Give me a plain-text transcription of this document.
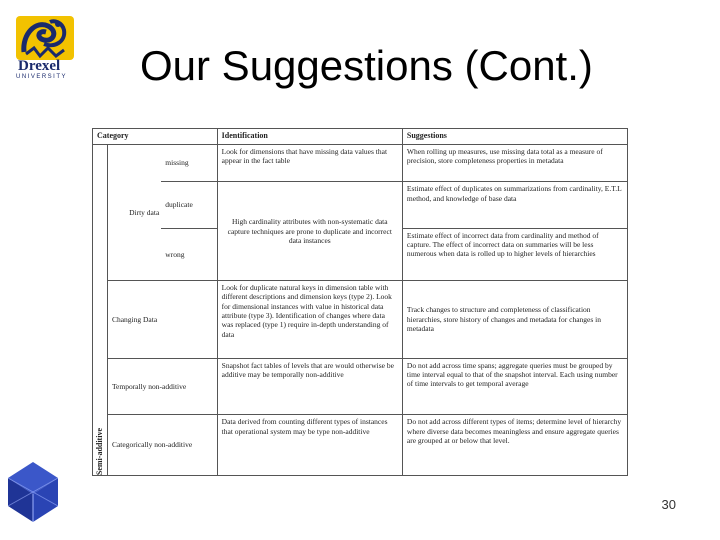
Drexel
UNIVERSITY Our Suggestions (Cont.)
Category			Identification	Suggestions

Semi-additive	Dirty data	missing	Look for dimensions that have missing data values that appear in the fact table	When rolling up measures, use missing data total as a measure of precision, store completeness properties in metadata
		duplicate	High cardinality attributes with non-systematic data capture techniques are prone to duplicate and incorrect data instances	Estimate effect of duplicates on summarizations from cardinality, E.T.L method, and knowledge of base data
		wrong		Estimate effect of incorrect data from cardinality and method of capture. The effect of incorrect data on summaries will be less numerous when data is rolled up to higher levels of hierarchies
	Changing Data		Look for duplicate natural keys in dimension table with different descriptions and dimension keys (type 2). Look for dimensional instances with value in historical data attribute (type 3). Identification of changes where data was replaced (type 1) require in-depth understanding of data	Track changes to structure and completeness of classification hierarchies, store history of changes and metadata for changes in metadata
	Temporally non-additive		Snapshot fact tables of levels that are would otherwise be additive may be temporally non-additive	Do not add across time spans; aggregate queries must be grouped by time interval equal to that of the snapshot interval. Each using number of time intervals to get temporal average
	Categorically non-additive		Data derived from counting different types of instances that operational system may be type non-additive	Do not add across different types of items; determine level of hierarchy where diverse data becomes meaningless and ensure aggregate queries are grouped at or below that level.
30
